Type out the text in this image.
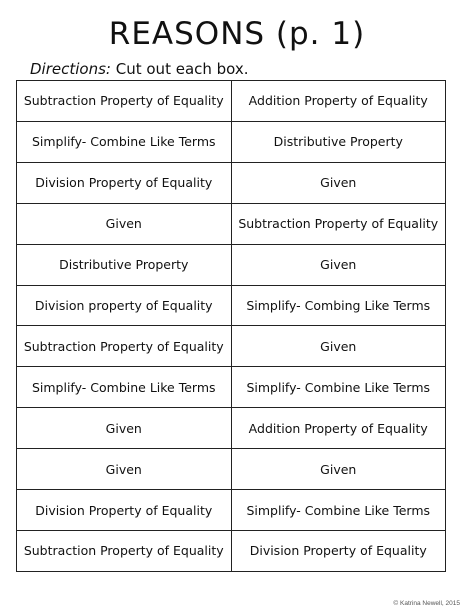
REASONS (p. 1)
Directions: Cut out each box.
Subtraction Property of Equality	Addition Property of Equality
Simplify- Combine Like Terms	Distributive Property
Division Property of Equality	Given
Given	Subtraction Property of Equality
Distributive Property	Given
Division property of Equality	Simplify- Combing Like Terms
Subtraction Property of Equality	Given
Simplify- Combine Like Terms	Simplify- Combine Like Terms
Given	Addition Property of Equality
Given	Given
Division Property of Equality	Simplify- Combine Like Terms
Subtraction Property of Equality	Division Property of Equality
© Katrina Newell, 2015
